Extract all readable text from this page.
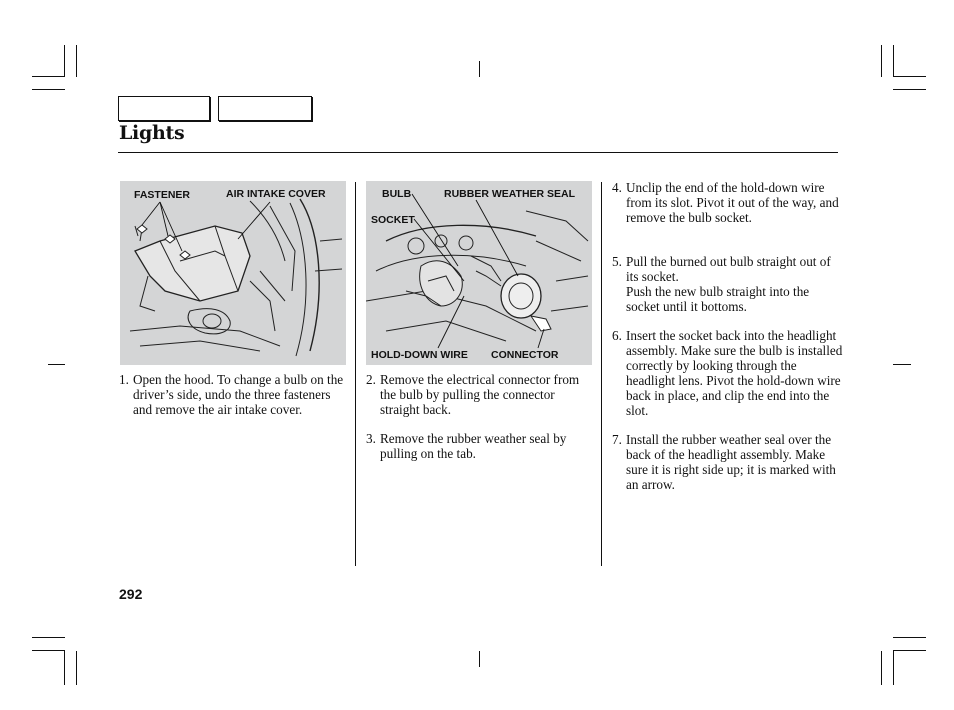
Lights
FASTENER	AIR INTAKE COVER	BULB	RUBBER WEATHER SEAL
SOCKET
HOLD-DOWN WIRE CONNECTOR
1. Open the hood. To change a bulb on the driver’s side, undo the three fasteners and remove the air intake cover.
2. Remove the electrical connector from the bulb by pulling the connector straight back.
3. Remove the rubber weather seal by pulling on the tab.
4. Unclip the end of the hold-down wire from its slot. Pivot it out of the way, and remove the bulb socket.
5. Pull the burned out bulb straight out of its socket.
Push the new bulb straight into the socket until it bottoms.
6. Insert the socket back into the headlight assembly. Make sure the bulb is installed correctly by looking through the headlight lens. Pivot the hold-down wire back in place, and clip the end into the slot.
7. Install the rubber weather seal over the back of the headlight assembly. Make sure it is right side up; it is marked with an arrow.
292
